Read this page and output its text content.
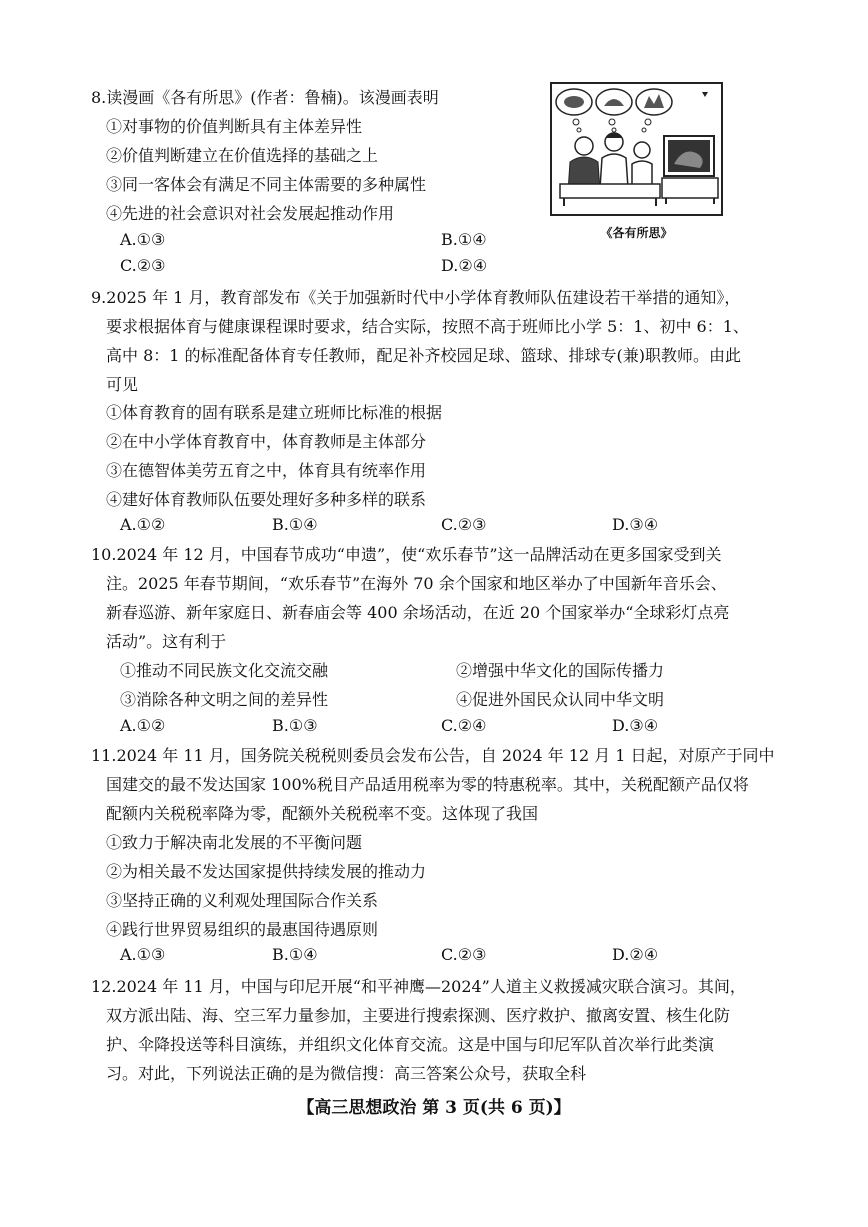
8.读漫画《各有所思》(作者：鲁楠)。该漫画表明
①对事物的价值判断具有主体差异性
②价值判断建立在价值选择的基础之上
③同一客体会有满足不同主体需要的多种属性
④先进的社会意识对社会发展起推动作用
A.①③	B.①④
C.②③	D.②④
《各有所思》
9.2025 年 1 月，教育部发布《关于加强新时代中小学体育教师队伍建设若干举措的通知》，
要求根据体育与健康课程课时要求，结合实际，按照不高于班师比小学 5：1、初中 6：1、
高中 8：1 的标准配备体育专任教师，配足补齐校园足球、篮球、排球专(兼)职教师。由此
可见
①体育教育的固有联系是建立班师比标准的根据
②在中小学体育教育中，体育教师是主体部分
③在德智体美劳五育之中，体育具有统率作用
④建好体育教师队伍要处理好多种多样的联系
A.①②	B.①④	C.②③	D.③④
10.2024 年 12 月，中国春节成功“申遗”，使“欢乐春节”这一品牌活动在更多国家受到关
注。2025 年春节期间，“欢乐春节”在海外 70 余个国家和地区举办了中国新年音乐会、
新春巡游、新年家庭日、新春庙会等 400 余场活动，在近 20 个国家举办“全球彩灯点亮
活动”。这有利于
①推动不同民族文化交流交融	②增强中华文化的国际传播力
③消除各种文明之间的差异性	④促进外国民众认同中华文明
A.①②	B.①③	C.②④	D.③④
11.2024 年 11 月，国务院关税税则委员会发布公告，自 2024 年 12 月 1 日起，对原产于同中
国建交的最不发达国家 100%税目产品适用税率为零的特惠税率。其中，关税配额产品仅将
配额内关税税率降为零，配额外关税税率不变。这体现了我国
①致力于解决南北发展的不平衡问题
②为相关最不发达国家提供持续发展的推动力
③坚持正确的义利观处理国际合作关系
④践行世界贸易组织的最惠国待遇原则
A.①③	B.①④	C.②③	D.②④
12.2024 年 11 月，中国与印尼开展“和平神鹰—2024”人道主义救援减灾联合演习。其间，
双方派出陆、海、空三军力量参加，主要进行搜索探测、医疗救护、撤离安置、核生化防
护、伞降投送等科目演练，并组织文化体育交流。这是中国与印尼军队首次举行此类演
习。对此，下列说法正确的是为微信搜：高三答案公众号，获取全科
【高三思想政治 第 3 页(共 6 页)】
